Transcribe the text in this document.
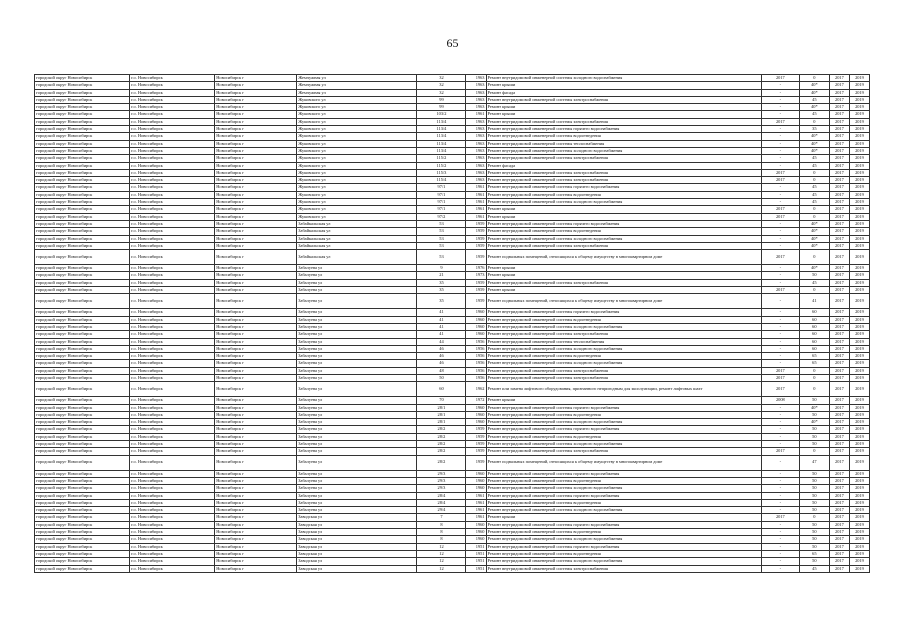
65
городской округ Новосибирск	г.о. Новосибирск	Новосибирск г	Жемчужная ул	32	1963	Ремонт внутридомовой инженерной системы холодного водоснабжения	2017	0	2017	2019
городской округ Новосибирск	г.о. Новосибирск	Новосибирск г	Жемчужная ул	32	1963	Ремонт крыши	-	40*	2017	2019
городской округ Новосибирск	г.о. Новосибирск	Новосибирск г	Жемчужная ул	32	1963	Ремонт фасада	-	40*	2017	2019
городской округ Новосибирск	г.о. Новосибирск	Новосибирск г	Жуковского ул	99	1963	Ремонт внутридомовой инженерной системы электроснабжения	-	45	2017	2019
городской округ Новосибирск	г.о. Новосибирск	Новосибирск г	Жуковского ул	99	1963	Ремонт крыши	-	40*	2017	2019
городской округ Новосибирск	г.о. Новосибирск	Новосибирск г	Жуковского ул	103/2	1961	Ремонт крыши	-	45	2017	2019
городской округ Новосибирск	г.о. Новосибирск	Новосибирск г	Жуковского ул	113/4	1963	Ремонт внутридомовой инженерной системы электроснабжения	2017	0	2017	2019
городской округ Новосибирск	г.о. Новосибирск	Новосибирск г	Жуковского ул	113/4	1963	Ремонт внутридомовой инженерной системы горячего водоснабжения	-	35	2017	2019
городской округ Новосибирск	г.о. Новосибирск	Новосибирск г	Жуковского ул	113/4	1963	Ремонт внутридомовой инженерной системы водоотведения	-	40*	2017	2019
городской округ Новосибирск	г.о. Новосибирск	Новосибирск г	Жуковского ул	113/4	1963	Ремонт внутридомовой инженерной системы теплоснабжения	-	40*	2017	2019
городской округ Новосибирск	г.о. Новосибирск	Новосибирск г	Жуковского ул	113/4	1963	Ремонт внутридомовой инженерной системы холодного водоснабжения	-	40*	2017	2019
городской округ Новосибирск	г.о. Новосибирск	Новосибирск г	Жуковского ул	115/2	1963	Ремонт внутридомовой инженерной системы электроснабжения	-	45	2017	2019
городской округ Новосибирск	г.о. Новосибирск	Новосибирск г	Жуковского ул	115/2	1963	Ремонт фасада	-	45	2017	2019
городской округ Новосибирск	г.о. Новосибирск	Новосибирск г	Жуковского ул	115/3	1963	Ремонт внутридомовой инженерной системы электроснабжения	2017	0	2017	2019
городской округ Новосибирск	г.о. Новосибирск	Новосибирск г	Жуковского ул	115/4	1963	Ремонт внутридомовой инженерной системы электроснабжения	2017	0	2017	2019
городской округ Новосибирск	г.о. Новосибирск	Новосибирск г	Жуковского ул	97/1	1961	Ремонт внутридомовой инженерной системы горячего водоснабжения	-	45	2017	2019
городской округ Новосибирск	г.о. Новосибирск	Новосибирск г	Жуковского ул	97/1	1961	Ремонт внутридомовой инженерной системы водоотведения	-	45	2017	2019
городской округ Новосибирск	г.о. Новосибирск	Новосибирск г	Жуковского ул	97/1	1961	Ремонт внутридомовой инженерной системы холодного водоснабжения	-	45	2017	2019
городской округ Новосибирск	г.о. Новосибирск	Новосибирск г	Жуковского ул	97/1	1961	Ремонт крыши	2017	0	2017	2019
городской округ Новосибирск	г.о. Новосибирск	Новосибирск г	Жуковского ул	97/2	1961	Ремонт крыши	2017	0	2017	2019
городской округ Новосибирск	г.о. Новосибирск	Новосибирск г	Забайкальская ул	53	1959	Ремонт внутридомовой инженерной системы горячего водоснабжения	-	40*	2017	2019
городской округ Новосибирск	г.о. Новосибирск	Новосибирск г	Забайкальская ул	53	1959	Ремонт внутридомовой инженерной системы водоотведения	-	40*	2017	2019
городской округ Новосибирск	г.о. Новосибирск	Новосибирск г	Забайкальская ул	53	1959	Ремонт внутридомовой инженерной системы холодного водоснабжения	-	40*	2017	2019
городской округ Новосибирск	г.о. Новосибирск	Новосибирск г	Забайкальская ул	53	1959	Ремонт внутридомовой инженерной системы электроснабжения	-	40*	2017	2019
городской округ Новосибирск	г.о. Новосибирск	Новосибирск г	Забайкальская ул	53	1959	Ремонт подвальных помещений, относящихся к общему имуществу в многоквартирном доме	2017	0	2017	2019
городской округ Новосибирск	г.о. Новосибирск	Новосибирск г	Забалуева ул	9	1976	Ремонт крыши	-	40*	2017	2019
городской округ Новосибирск	г.о. Новосибирск	Новосибирск г	Забалуева ул	21	1973	Ремонт крыши	-	50	2017	2019
городской округ Новосибирск	г.о. Новосибирск	Новосибирск г	Забалуева ул	35	1959	Ремонт внутридомовой инженерной системы электроснабжения	-	45	2017	2019
городской округ Новосибирск	г.о. Новосибирск	Новосибирск г	Забалуева ул	35	1959	Ремонт крыши	2017	0	2017	2019
городской округ Новосибирск	г.о. Новосибирск	Новосибирск г	Забалуева ул	35	1959	Ремонт подвальных помещений, относящихся к общему имуществу в многоквартирном доме	-	41	2017	2019
городской округ Новосибирск	г.о. Новосибирск	Новосибирск г	Забалуева ул	41	1960	Ремонт внутридомовой инженерной системы горячего водоснабжения	-	60	2017	2019
городской округ Новосибирск	г.о. Новосибирск	Новосибирск г	Забалуева ул	41	1960	Ремонт внутридомовой инженерной системы водоотведения	-	60	2017	2019
городской округ Новосибирск	г.о. Новосибирск	Новосибирск г	Забалуева ул	41	1960	Ремонт внутридомовой инженерной системы холодного водоснабжения	-	60	2017	2019
городской округ Новосибирск	г.о. Новосибирск	Новосибирск г	Забалуева ул	41	1960	Ремонт внутридомовой инженерной системы электроснабжения	-	60	2017	2019
городской округ Новосибирск	г.о. Новосибирск	Новосибирск г	Забалуева ул	44	1956	Ремонт внутридомовой инженерной системы теплоснабжения	-	60	2017	2019
городской округ Новосибирск	г.о. Новосибирск	Новосибирск г	Забалуева ул	46	1956	Ремонт внутридомовой инженерной системы холодного водоснабжения	-	60	2017	2019
городской округ Новосибирск	г.о. Новосибирск	Новосибирск г	Забалуева ул	46	1956	Ремонт внутридомовой инженерной системы водоотведения	-	65	2017	2019
городской округ Новосибирск	г.о. Новосибирск	Новосибирск г	Забалуева ул	46	1956	Ремонт внутридомовой инженерной системы холодного водоснабжения	-	65	2017	2019
городской округ Новосибирск	г.о. Новосибирск	Новосибирск г	Забалуева ул	48	1956	Ремонт внутридомовой инженерной системы электроснабжения	2017	0	2017	2019
городской округ Новосибирск	г.о. Новосибирск	Новосибирск г	Забалуева ул	50	1956	Ремонт внутридомовой инженерной системы электроснабжения	2017	0	2017	2019
городской округ Новосибирск	г.о. Новосибирск	Новосибирск г	Забалуева ул	60	1962	Ремонт или замена лифтового оборудования, признанного непригодным для эксплуатации, ремонт лифтовых шахт	2017	0	2017	2019
городской округ Новосибирск	г.о. Новосибирск	Новосибирск г	Забалуева ул	70	1972	Ремонт крыши	2008	50	2017	2019
городской округ Новосибирск	г.о. Новосибирск	Новосибирск г	Забалуева ул	28/1	1960	Ремонт внутридомовой инженерной системы горячего водоснабжения	-	40*	2017	2019
городской округ Новосибирск	г.о. Новосибирск	Новосибирск г	Забалуева ул	28/1	1960	Ремонт внутридомовой инженерной системы водоотведения	-	50	2017	2019
городской округ Новосибирск	г.о. Новосибирск	Новосибирск г	Забалуева ул	28/1	1960	Ремонт внутридомовой инженерной системы холодного водоснабжения	-	40*	2017	2019
городской округ Новосибирск	г.о. Новосибирск	Новосибирск г	Забалуева ул	28/2	1959	Ремонт внутридомовой инженерной системы горячего водоснабжения	-	50	2017	2019
городской округ Новосибирск	г.о. Новосибирск	Новосибирск г	Забалуева ул	28/2	1959	Ремонт внутридомовой инженерной системы водоотведения	-	50	2017	2019
городской округ Новосибирск	г.о. Новосибирск	Новосибирск г	Забалуева ул	28/2	1959	Ремонт внутридомовой инженерной системы холодного водоснабжения	-	50	2017	2019
городской округ Новосибирск	г.о. Новосибирск	Новосибирск г	Забалуева ул	28/2	1959	Ремонт внутридомовой инженерной системы электроснабжения	2017	0	2017	2019
городской округ Новосибирск	г.о. Новосибирск	Новосибирск г	Забалуева ул	28/2	1959	Ремонт подвальных помещений, относящихся к общему имуществу в многоквартирном доме	-	47	2017	2019
городской округ Новосибирск	г.о. Новосибирск	Новосибирск г	Забалуева ул	29/3	1960	Ремонт внутридомовой инженерной системы горячего водоснабжения	-	50	2017	2019
городской округ Новосибирск	г.о. Новосибирск	Новосибирск г	Забалуева ул	29/3	1960	Ремонт внутридомовой инженерной системы водоотведения	-	50	2017	2019
городской округ Новосибирск	г.о. Новосибирск	Новосибирск г	Забалуева ул	29/3	1960	Ремонт внутридомовой инженерной системы холодного водоснабжения	-	50	2017	2019
городской округ Новосибирск	г.о. Новосибирск	Новосибирск г	Забалуева ул	28/4	1961	Ремонт внутридомовой инженерной системы горячего водоснабжения	-	50	2017	2019
городской округ Новосибирск	г.о. Новосибирск	Новосибирск г	Забалуева ул	28/4	1961	Ремонт внутридомовой инженерной системы водоотведения	-	50	2017	2019
городской округ Новосибирск	г.о. Новосибирск	Новосибирск г	Забалуева ул	29/4	1961	Ремонт внутридомовой инженерной системы холодного водоснабжения	-	50	2017	2019
городской округ Новосибирск	г.о. Новосибирск	Новосибирск г	Заводская ул	7	1961	Ремонт крыши	2017	0	2017	2019
городской округ Новосибирск	г.о. Новосибирск	Новосибирск г	Заводская ул	8	1960	Ремонт внутридомовой инженерной системы горячего водоснабжения	-	50	2017	2019
городской округ Новосибирск	г.о. Новосибирск	Новосибирск г	Заводская ул	8	1960	Ремонт внутридомовой инженерной системы водоотведения	-	50	2017	2019
городской округ Новосибирск	г.о. Новосибирск	Новосибирск г	Заводская ул	8	1960	Ремонт внутридомовой инженерной системы холодного водоснабжения	-	50	2017	2019
городской округ Новосибирск	г.о. Новосибирск	Новосибирск г	Заводская ул	12	1951	Ремонт внутридомовой инженерной системы горячего водоснабжения	-	50	2017	2019
городской округ Новосибирск	г.о. Новосибирск	Новосибирск г	Заводская ул	12	1951	Ремонт внутридомовой инженерной системы водоотведения	-	65	2017	2019
городской округ Новосибирск	г.о. Новосибирск	Новосибирск г	Заводская ул	12	1951	Ремонт внутридомовой инженерной системы холодного водоснабжения	-	50	2017	2019
городской округ Новосибирск	г.о. Новосибирск	Новосибирск г	Заводская ул	12	1951	Ремонт внутридомовой инженерной системы электроснабжения	-	45	2017	2019
